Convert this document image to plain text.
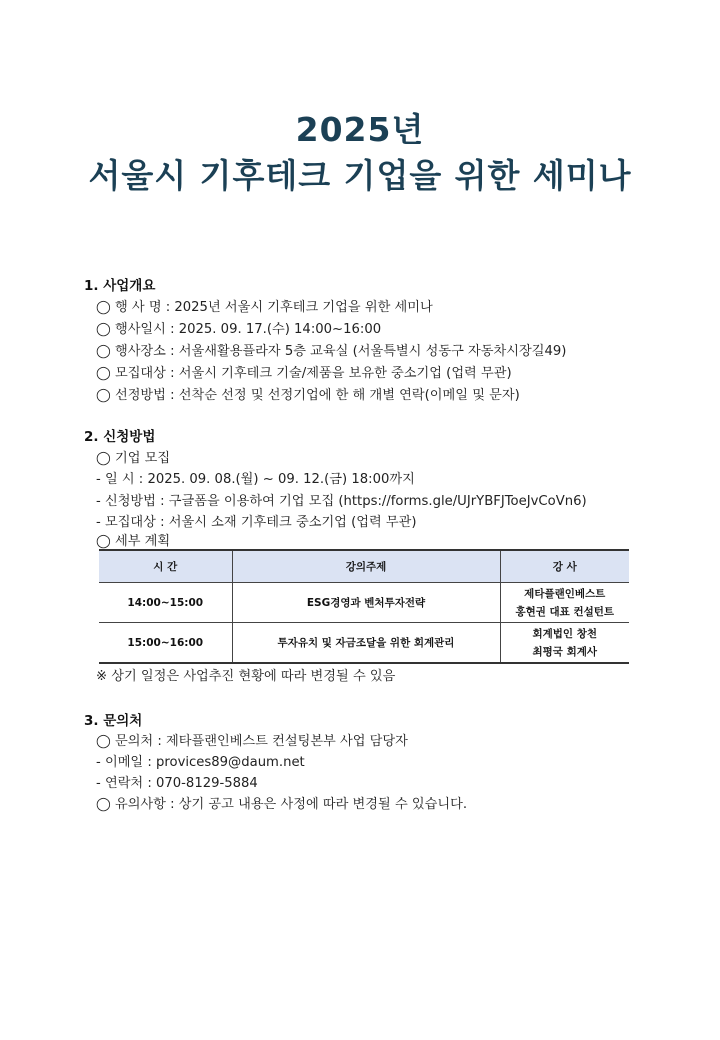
2025년
서울시 기후테크 기업을 위한 세미나
1. 사업개요
◯ 행 사 명 : 2025년 서울시 기후테크 기업을 위한 세미나
◯ 행사일시 : 2025. 09. 17.(수) 14:00~16:00
◯ 행사장소 : 서울새활용플라자 5층 교육실 (서울특별시 성동구 자동차시장길49)
◯ 모집대상 : 서울시 기후테크 기술/제품을 보유한 중소기업 (업력 무관)
◯ 선정방법 : 선착순 선정 및 선정기업에 한 해 개별 연락(이메일 및 문자)
2. 신청방법
◯ 기업 모집
- 일 시 : 2025. 09. 08.(월) ~ 09. 12.(금) 18:00까지
- 신청방법 : 구글폼을 이용하여 기업 모집 (https://forms.gle/UJrYBFJToeJvCoVn6)
- 모집대상 : 서울시 소재 기후테크 중소기업 (업력 무관)
◯ 세부 계획
시 간	강의주제	강 사
14:00~15:00	ESG경영과 벤처투자전략	제타플랜인베스트
홍현권 대표 컨설턴트

15:00~16:00	투자유치 및 자금조달을 위한 회계관리	회계법인 창천
최평국 회계사
※ 상기 일정은 사업추진 현황에 따라 변경될 수 있음
3. 문의처
◯ 문의처 : 제타플랜인베스트 컨설팅본부 사업 담당자
- 이메일 : provices89@daum.net
- 연락처 : 070-8129-5884
◯ 유의사항 : 상기 공고 내용은 사정에 따라 변경될 수 있습니다.
